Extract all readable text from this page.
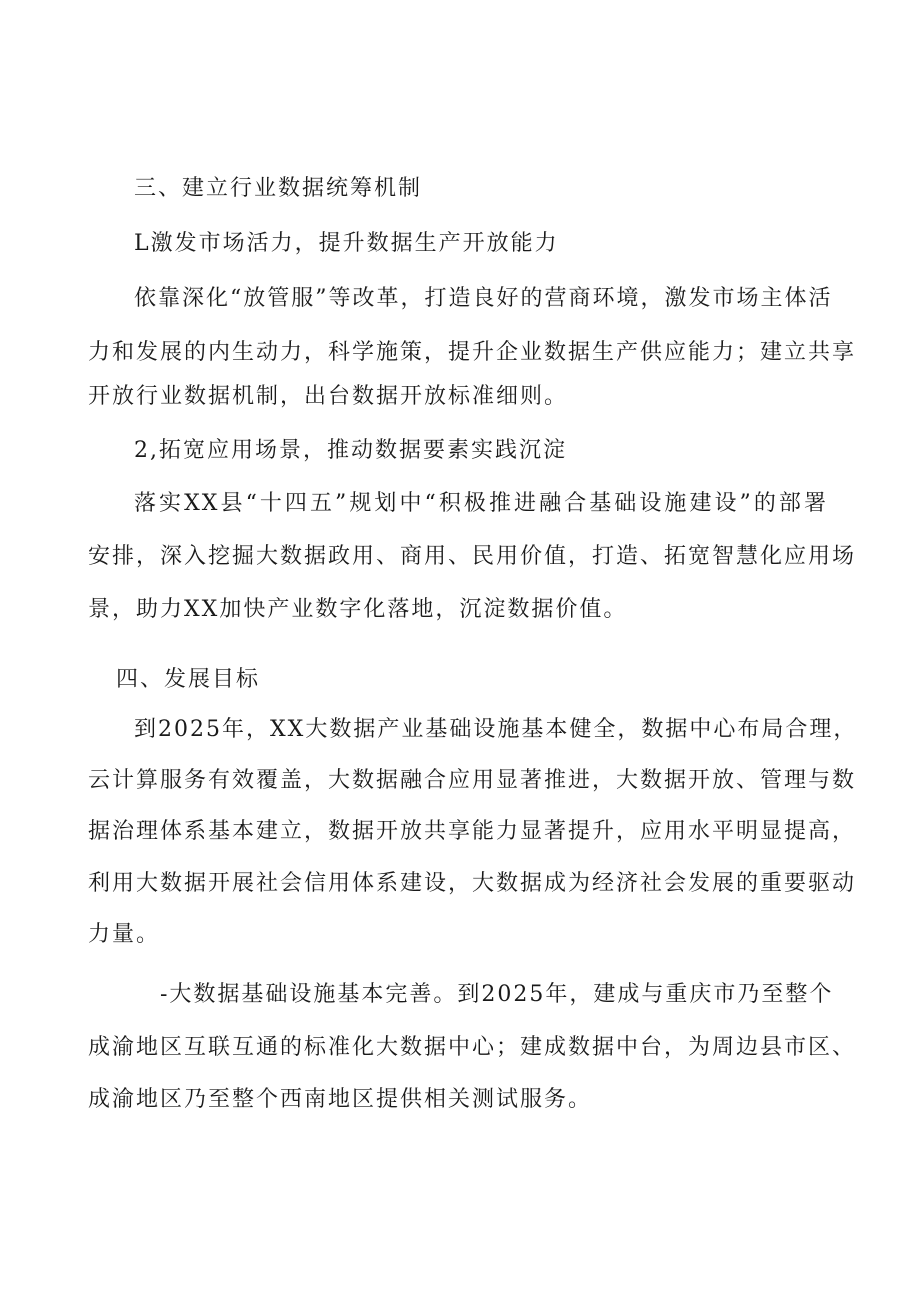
三、建立行业数据统筹机制
L激发市场活力，提升数据生产开放能力
依靠深化“放管服”等改革，打造良好的营商环境，激发市场主体活
力和发展的内生动力，科学施策，提升企业数据生产供应能力；建立共享
开放行业数据机制，出台数据开放标准细则。
2,拓宽应用场景，推动数据要素实践沉淀
落实XX县“十四五”规划中“积极推进融合基础设施建设”的部署
安排，深入挖掘大数据政用、商用、民用价值，打造、拓宽智慧化应用场
景，助力XX加快产业数字化落地，沉淀数据价值。
四、发展目标
到2025年，XX大数据产业基础设施基本健全，数据中心布局合理，
云计算服务有效覆盖，大数据融合应用显著推进，大数据开放、管理与数
据治理体系基本建立，数据开放共享能力显著提升，应用水平明显提高，
利用大数据开展社会信用体系建设，大数据成为经济社会发展的重要驱动
力量。
-大数据基础设施基本完善。到2025年，建成与重庆市乃至整个
成渝地区互联互通的标准化大数据中心；建成数据中台，为周边县市区、
成渝地区乃至整个西南地区提供相关测试服务。
